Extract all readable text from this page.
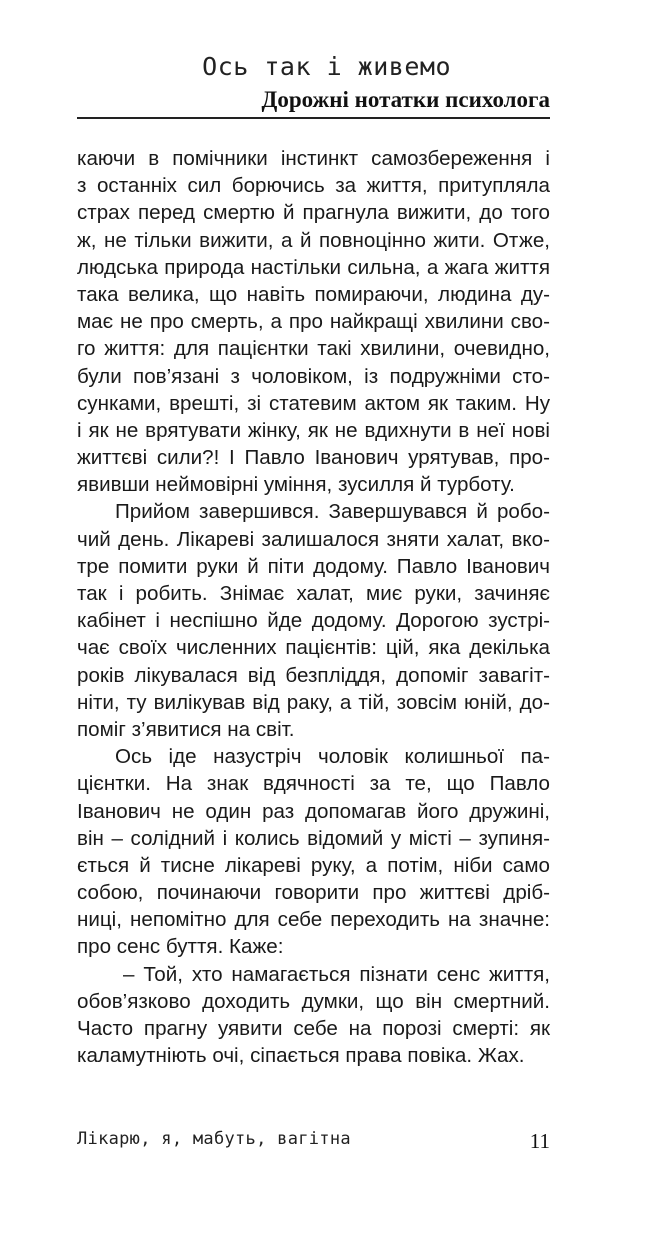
Ось так і живемо
Дорожні нотатки психолога
каючи в помічники інстинкт самозбереження і
з останніх сил борючись за життя, притупляла
страх перед смертю й прагнула вижити, до того
ж, не тільки вижити, а й повноцінно жити. Отже,
людська природа настільки сильна, а жага життя
така велика, що навіть помираючи, людина ду-
має не про смерть, а про найкращі хвилини сво-
го життя: для пацієнтки такі хвилини, очевидно,
були пов’язані з чоловіком, із подружніми сто-
сунками, врешті, зі статевим актом як таким. Ну
і як не врятувати жінку, як не вдихнути в неї нові
життєві сили?! І Павло Іванович урятував, про-
явивши неймовірні уміння, зусилля й турботу.
Прийом завершився. Завершувався й робо-
чий день. Лікареві залишалося зняти халат, вко-
тре помити руки й піти додому. Павло Іванович
так і робить. Знімає халат, миє руки, зачиняє
кабінет і неспішно йде додому. Дорогою зустрі-
чає своїх численних пацієнтів: цій, яка декілька
років лікувалася від безпліддя, допоміг завагіт-
ніти, ту вилікував від раку, а тій, зовсім юній, до-
поміг з’явитися на світ.
Ось іде назустріч чоловік колишньої па-
цієнтки. На знак вдячності за те, що Павло
Іванович не один раз допомагав його дружині,
він – солідний і колись відомий у місті – зупиня-
ється й тисне лікареві руку, а потім, ніби само
собою, починаючи говорити про життєві дріб-
ниці, непомітно для себе переходить на значне:
про сенс буття. Каже:
– Той, хто намагається пізнати сенс життя,
обов’язково доходить думки, що він смертний.
Часто прагну уявити себе на порозі смерті: як
каламутніють очі, сіпається права повіка. Жах.
Лікарю, я, мабуть, вагітна	11
